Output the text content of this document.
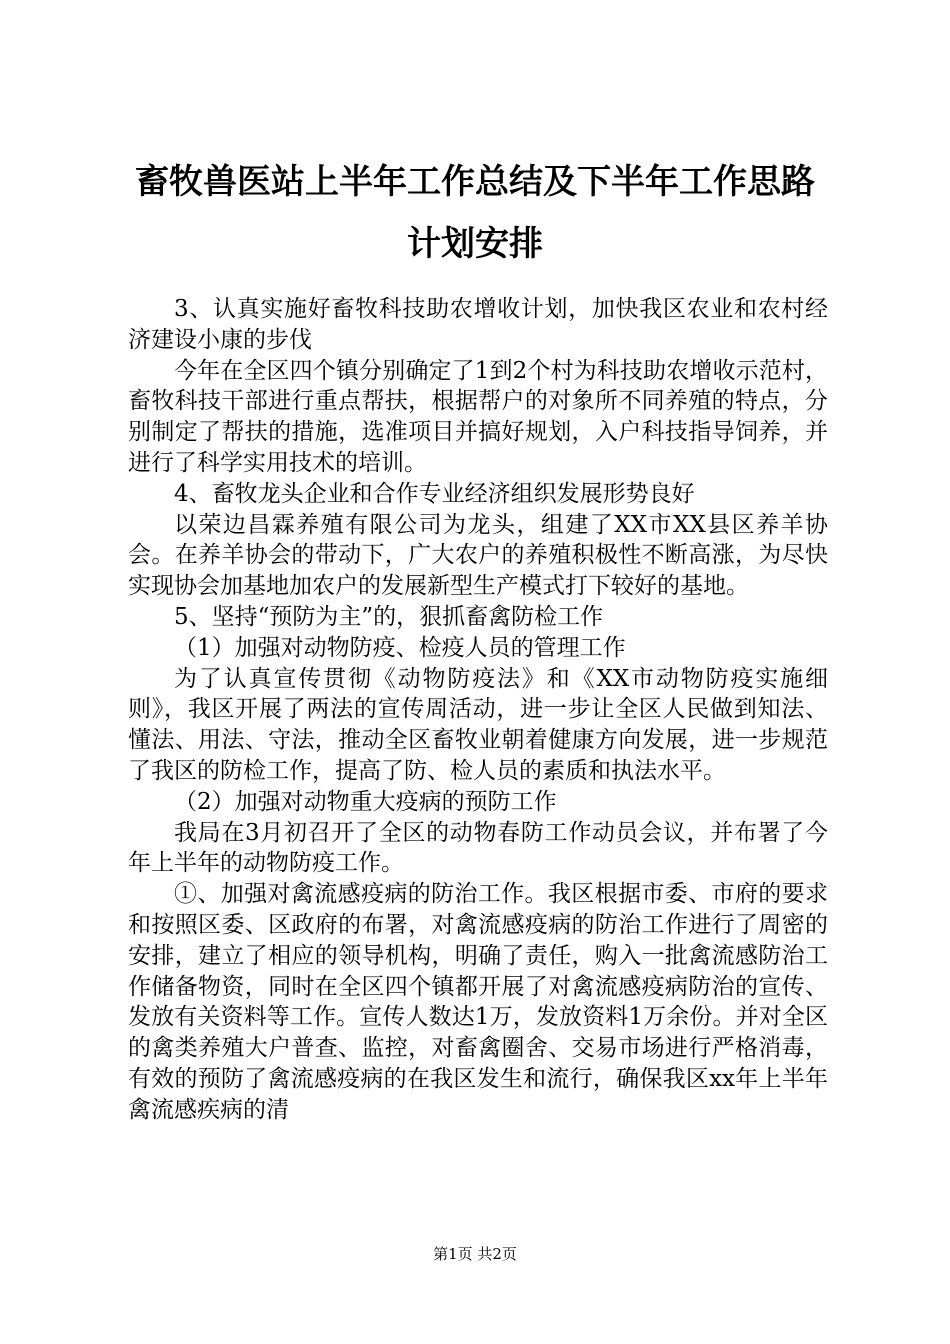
畜牧兽医站上半年工作总结及下半年工作思路
计划安排

3、认真实施好畜牧科技助农增收计划，加快我区农业和农村经济建设小康的步伐

今年在全区四个镇分别确定了1到2个村为科技助农增收示范村，畜牧科技干部进行重点帮扶，根据帮户的对象所不同养殖的特点，分别制定了帮扶的措施，选准项目并搞好规划，入户科技指导饲养，并进行了科学实用技术的培训。

4、畜牧龙头企业和合作专业经济组织发展形势良好

以荣边昌霖养殖有限公司为龙头，组建了XX市XX县区养羊协会。在养羊协会的带动下，广大农户的养殖积极性不断高涨，为尽快实现协会加基地加农户的发展新型生产模式打下较好的基地。

5、坚持“预防为主”的，狠抓畜禽防检工作

（1）加强对动物防疫、检疫人员的管理工作

为了认真宣传贯彻《动物防疫法》和《XX市动物防疫实施细则》，我区开展了两法的宣传周活动，进一步让全区人民做到知法、懂法、用法、守法，推动全区畜牧业朝着健康方向发展，进一步规范了我区的防检工作，提高了防、检人员的素质和执法水平。

（2）加强对动物重大疫病的预防工作

我局在3月初召开了全区的动物春防工作动员会议，并布署了今年上半年的动物防疫工作。

①、加强对禽流感疫病的防治工作。我区根据市委、市府的要求和按照区委、区政府的布署，对禽流感疫病的防治工作进行了周密的安排，建立了相应的领导机构，明确了责任，购入一批禽流感防治工作储备物资，同时在全区四个镇都开展了对禽流感疫病防治的宣传、发放有关资料等工作。宣传人数达1万，发放资料1万余份。并对全区的禽类养殖大户普查、监控，对畜禽圈舍、交易市场进行严格消毒，有效的预防了禽流感疫病的在我区发生和流行，确保我区xx年上半年禽流感疾病的清

第1页 共2页
